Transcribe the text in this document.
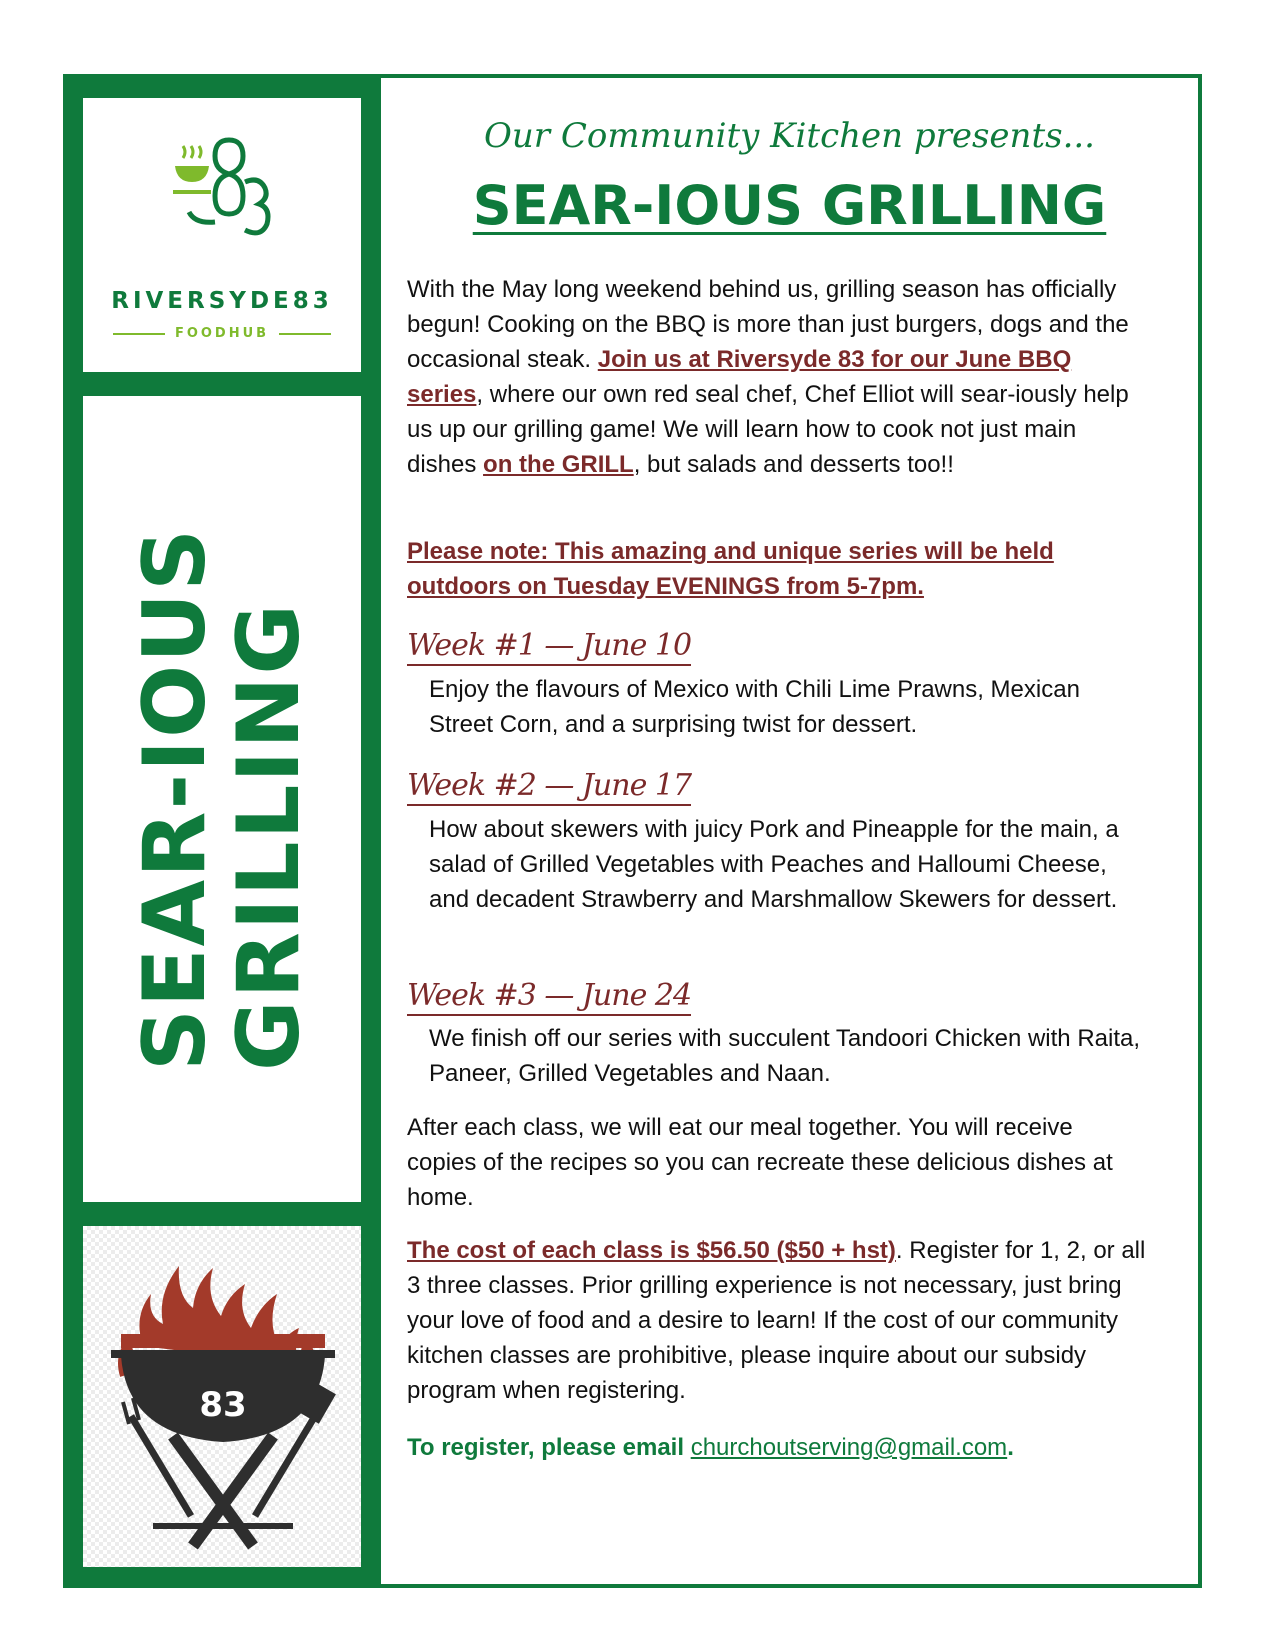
RIVERSYDE83
FOODHUB
SEAR-IOUS
GRILLING
83
Our Community Kitchen presents...
SEAR-IOUS GRILLING
With the May long weekend behind us, grilling season has officially begun! Cooking on the BBQ is more than just burgers, dogs and the occasional steak. Join us at Riversyde 83 for our June BBQ series, where our own red seal chef, Chef Elliot will sear-iously help us up our grilling game! We will learn how to cook not just main dishes on the GRILL, but salads and desserts too!!
Please note: This amazing and unique series will be held outdoors on Tuesday EVENINGS from 5-7pm.
Week #1 — June 10
Enjoy the flavours of Mexico with Chili Lime Prawns, Mexican Street Corn, and a surprising twist for dessert.
Week #2 — June 17
How about skewers with juicy Pork and Pineapple for the main, a salad of Grilled Vegetables with Peaches and Halloumi Cheese, and decadent Strawberry and Marshmallow Skewers for dessert.
Week #3 — June 24
We finish off our series with succulent Tandoori Chicken with Raita, Paneer, Grilled Vegetables and Naan.
After each class, we will eat our meal together. You will receive copies of the recipes so you can recreate these delicious dishes at home.
The cost of each class is $56.50 ($50 + hst). Register for 1, 2, or all 3 three classes. Prior grilling experience is not necessary, just bring your love of food and a desire to learn! If the cost of our community kitchen classes are prohibitive, please inquire about our subsidy program when registering.
To register, please email churchoutserving@gmail.com.
